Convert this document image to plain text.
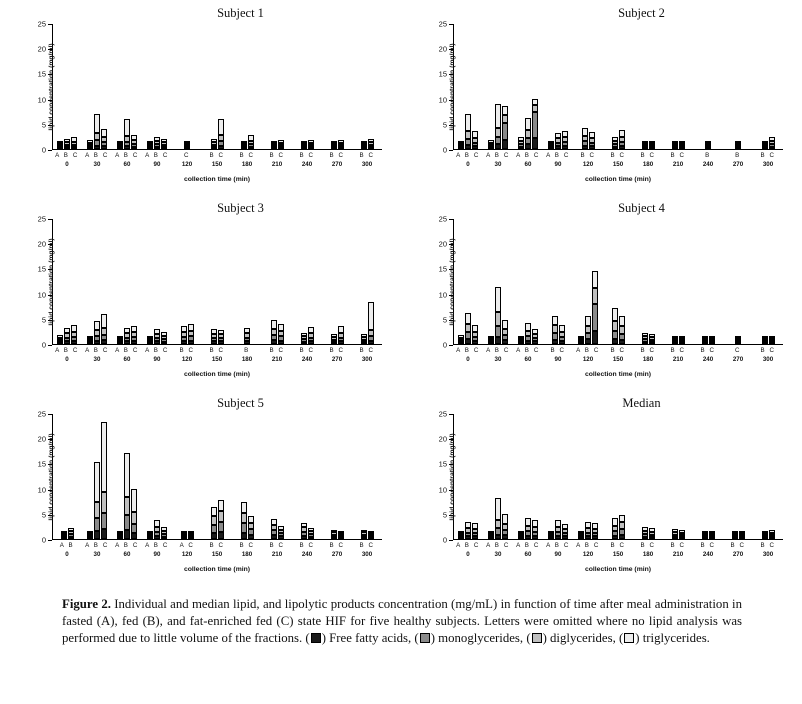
Subject 1
0
5
10
15
20
25
lipid concentration (mg/ml)
A B C
0
A B C
30
A B C
60
A B C
90
C
120
B C
150
B C
180
B C
210
B C
240
B C
270
B C
300
collection time (min)
Subject 2
0
5
10
15
20
25
lipid concentration (mg/ml)
A B C
0
A B C
30
A B C
60
A B C
90
B C
120
B C
150
B C
180
B C
210
B
240
B
270
B C
300
collection time (min)
Subject 3
0
5
10
15
20
25
lipid concentration (mg/ml)
A B C
0
A B C
30
A B C
60
A B C
90
B C
120
B C
150
B
180
B C
210
B C
240
B C
270
B C
300
collection time (min)
Subject 4
0
5
10
15
20
25
lipid concentration (mg/ml)
A B C
0
A B C
30
A B C
60
B C
90
A B C
120
B C
150
B C
180
B C
210
B C
240
C
270
B C
300
collection time (min)
Subject 5
0
5
10
15
20
25
lipid concentration (mg/ml)
A B
0
A B C
30
A B C
60
A B C
90
A C
120
B C
150
B C
180
B C
210
B C
240
B C
270
B C
300
collection time (min)
Median
0
5
10
15
20
25
lipid concentration (mg/ml)
A B C
0
A B C
30
A B C
60
A B C
90
A B C
120
B C
150
B C
180
B C
210
B C
240
B C
270
B C
300
collection time (min)
Figure 2. Individual and median lipid, and lipolytic products concentration (mg/mL) in function of time after meal administration in fasted (A), fed (B), and fat-enriched fed (C) state HIF for five healthy subjects. Letters were omitted where no lipid analysis was performed due to little volume of the fractions. ( ) Free fatty acids, ( ) monoglycerides, ( ) diglycerides, ( ) triglycerides.
